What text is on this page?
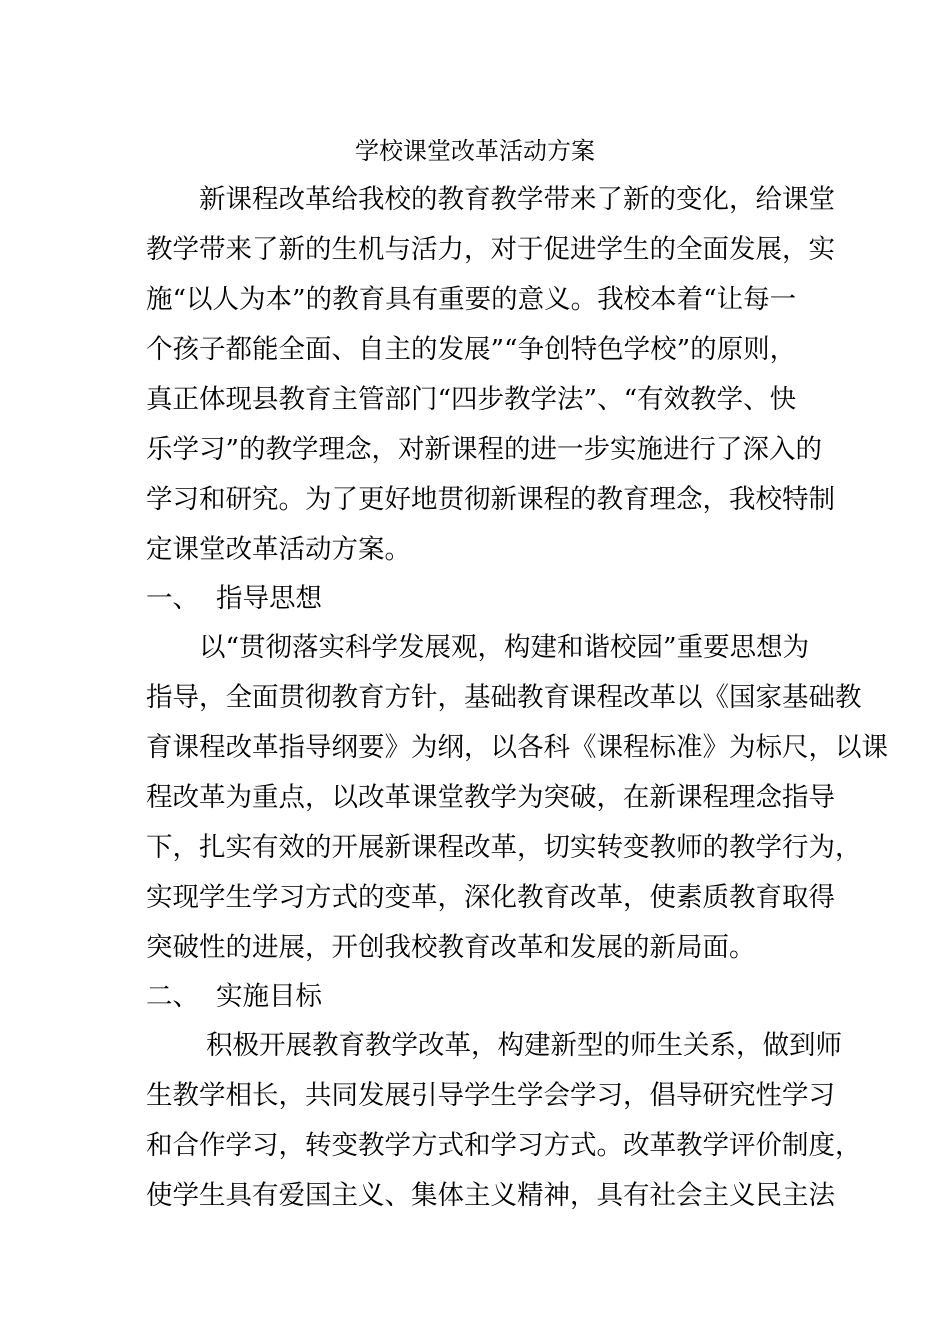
学校课堂改革活动方案
新课程改革给我校的教育教学带来了新的变化，给课堂
教学带来了新的生机与活力，对于促进学生的全面发展，实
施“以人为本”的教育具有重要的意义。我校本着“让每一
个孩子都能全面、自主的发展”“争创特色学校”的原则，
真正体现县教育主管部门“四步教学法”、“有效教学、快
乐学习”的教学理念，对新课程的进一步实施进行了深入的
学习和研究。为了更好地贯彻新课程的教育理念，我校特制
定课堂改革活动方案。
一、 指导思想
以“贯彻落实科学发展观，构建和谐校园”重要思想为
指导，全面贯彻教育方针，基础教育课程改革以《国家基础教
育课程改革指导纲要》为纲，以各科《课程标准》为标尺，以课
程改革为重点，以改革课堂教学为突破，在新课程理念指导
下，扎实有效的开展新课程改革，切实转变教师的教学行为，
实现学生学习方式的变革，深化教育改革，使素质教育取得
突破性的进展，开创我校教育改革和发展的新局面。
二、 实施目标
积极开展教育教学改革，构建新型的师生关系，做到师
生教学相长，共同发展引导学生学会学习，倡导研究性学习
和合作学习，转变教学方式和学习方式。改革教学评价制度，
使学生具有爱国主义、集体主义精神，具有社会主义民主法
